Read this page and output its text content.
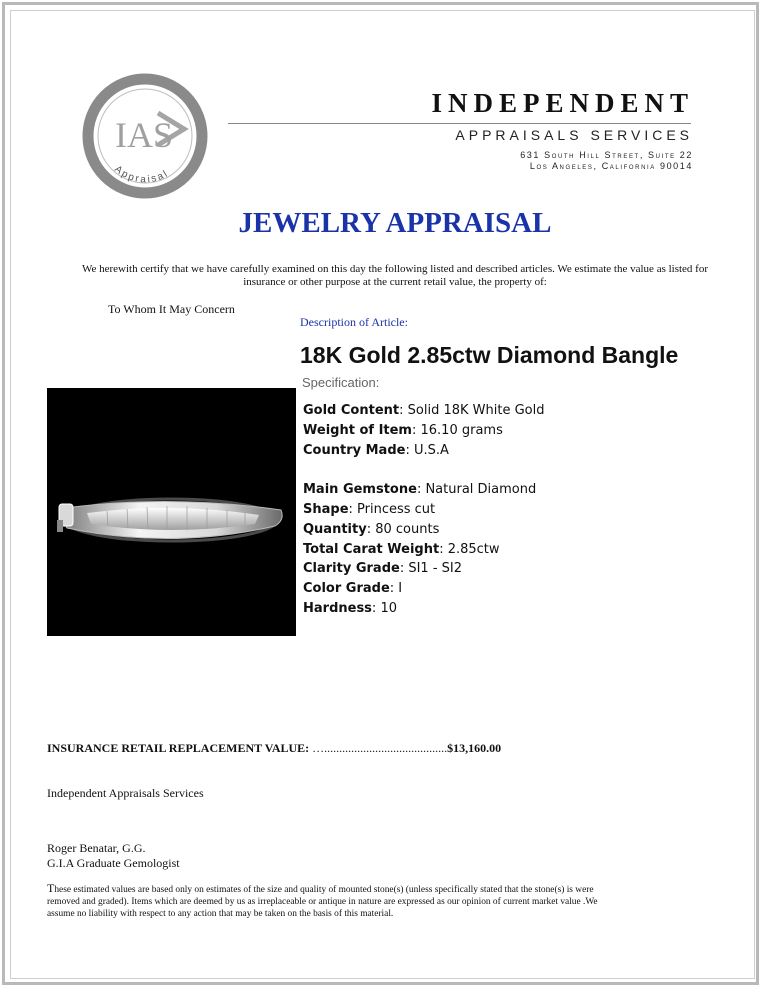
IAS
Appraisal
INDEPENDENT
APPRAISALS SERVICES
631 South Hill Street, Suite 22
Los Angeles, California 90014
JEWELRY APPRAISAL
We herewith certify that we have carefully examined on this day the following listed and described articles. We estimate the value as listed for insurance or other purpose at the current retail value, the property of:
To Whom It May Concern
Description of Article:
18K Gold 2.85ctw Diamond Bangle
Specification:
Gold Content: Solid 18K White Gold
Weight of Item: 16.10 grams
Country Made: U.S.A
Main Gemstone: Natural Diamond
Shape: Princess cut
Quantity: 80 counts
Total Carat Weight: 2.85ctw
Clarity Grade: SI1 - SI2
Color Grade: I
Hardness: 10
INSURANCE RETAIL REPLACEMENT VALUE: ….........................................$13,160.00
Independent Appraisals Services
Roger Benatar, G.G.
G.I.A Graduate Gemologist
These estimated values are based only on estimates of the size and quality of mounted stone(s) (unless specifically stated that the stone(s) is were removed and graded). Items which are deemed by us as irreplaceable or antique in nature are expressed as our opinion of current market value .We assume no liability with respect to any action that may be taken on the basis of this material.
